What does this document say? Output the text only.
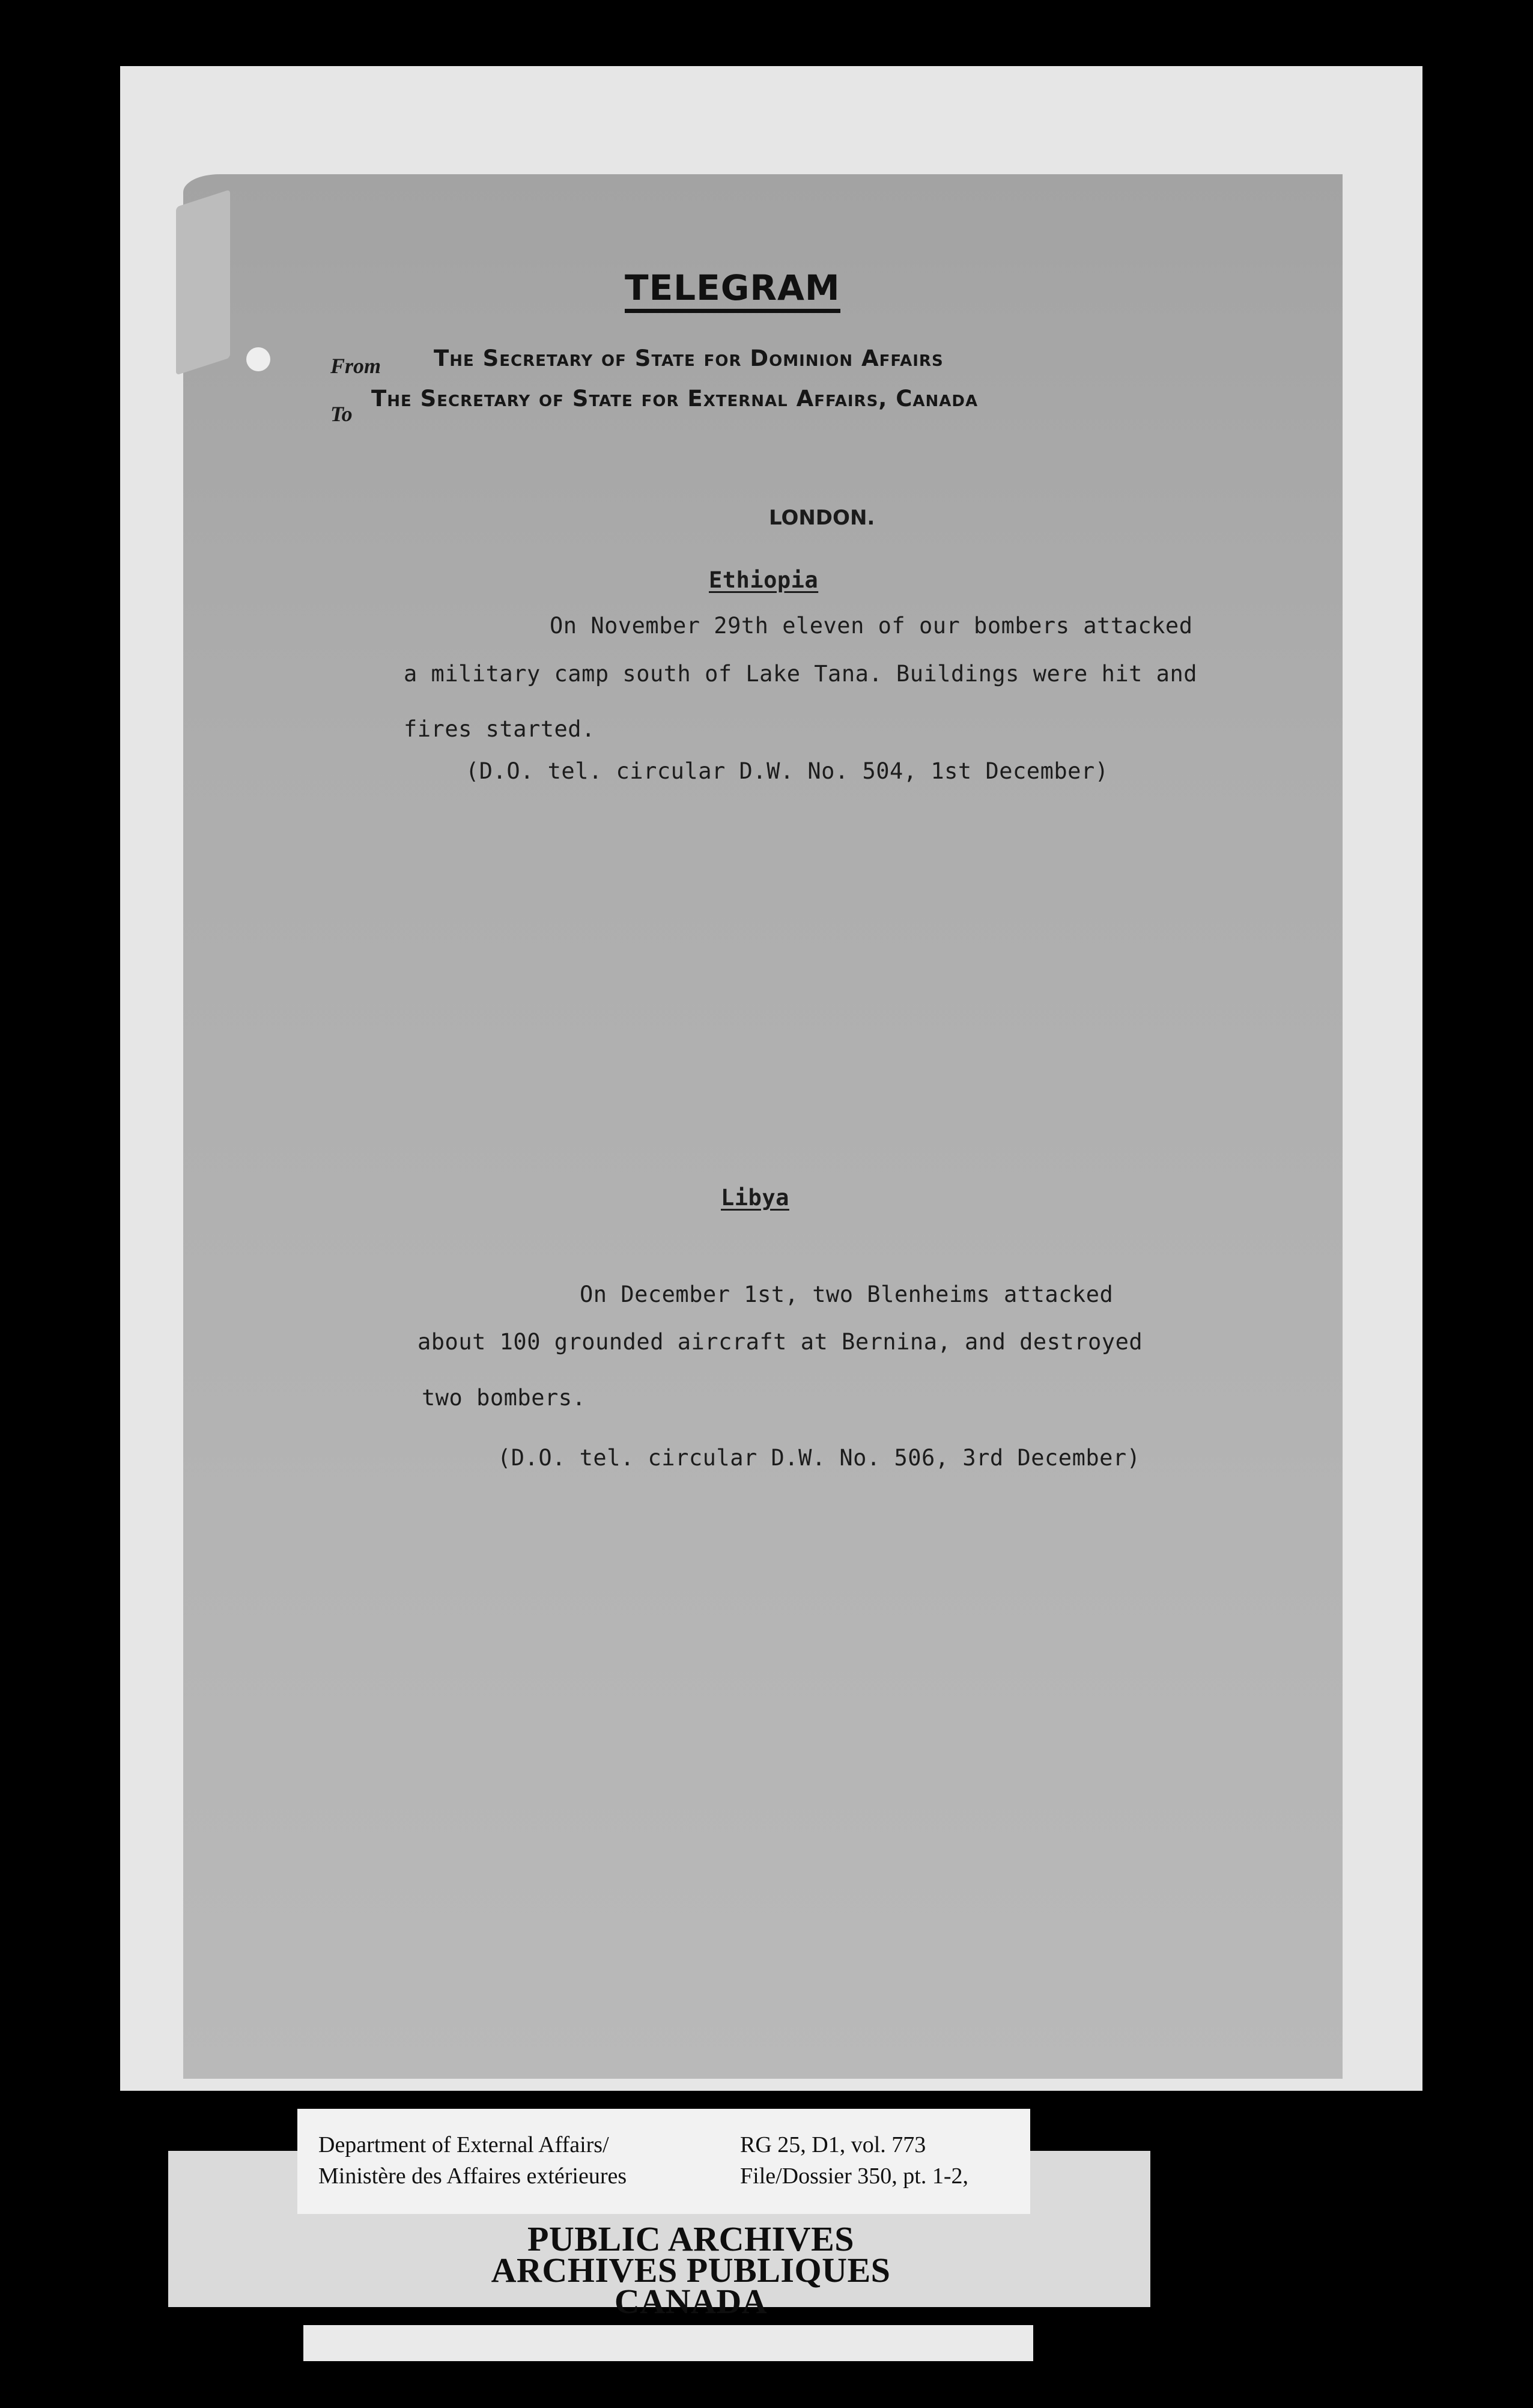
TELEGRAM
From The Secretary of State for Dominion Affairs
To
The Secretary of State for External Affairs, Canada
LONDON.
Ethiopia
On November 29th eleven of our bombers attacked
a military camp south of Lake Tana. Buildings were hit and
fires started.
(D.O. tel. circular D.W. No. 504, 1st December)
Libya
On December 1st, two Blenheims attacked
about 100 grounded aircraft at Bernina, and destroyed
two bombers.
(D.O. tel. circular D.W. No. 506, 3rd December)
Department of External Affairs/
Ministère des Affaires extérieures
RG 25, D1, vol. 773
File/Dossier 350, pt. 1-2,
PUBLIC ARCHIVES
ARCHIVES PUBLIQUES
CANADA
